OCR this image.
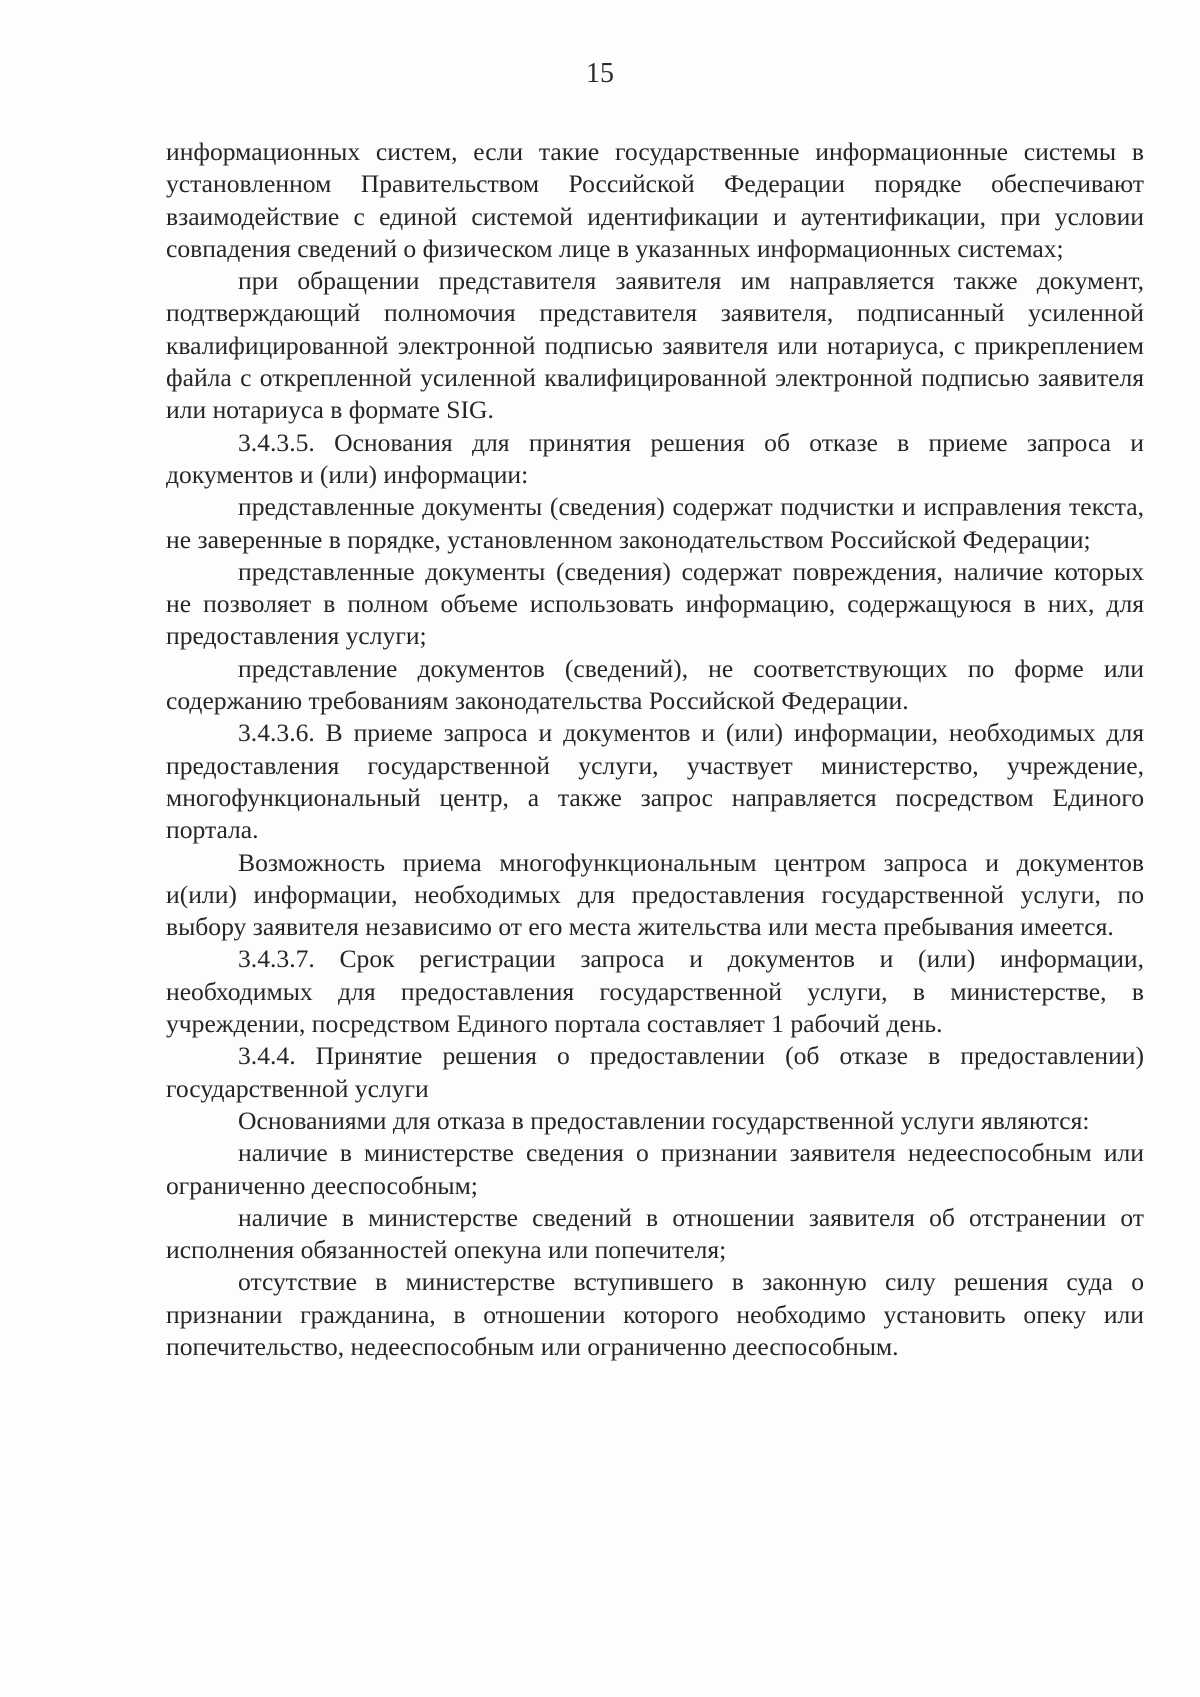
15

информационных систем, если такие государственные информационные системы в установленном Правительством Российской Федерации порядке обеспечивают взаимодействие с единой системой идентификации и аутентификации, при условии совпадения сведений о физическом лице в указанных информационных системах;

при обращении представителя заявителя им направляется также документ, подтверждающий полномочия представителя заявителя, подписанный усиленной квалифицированной электронной подписью заявителя или нотариуса, с прикреплением файла с открепленной усиленной квалифицированной электронной подписью заявителя или нотариуса в формате SIG.

3.4.3.5. Основания для принятия решения об отказе в приеме запроса и документов и (или) информации:

представленные документы (сведения) содержат подчистки и исправления текста, не заверенные в порядке, установленном законодательством Российской Федерации;

представленные документы (сведения) содержат повреждения, наличие которых не позволяет в полном объеме использовать информацию, содержащуюся в них, для предоставления услуги;

представление документов (сведений), не соответствующих по форме или содержанию требованиям законодательства Российской Федерации.

3.4.3.6. В приеме запроса и документов и (или) информации, необходимых для предоставления государственной услуги, участвует министерство, учреждение, многофункциональный центр, а также запрос направляется посредством Единого портала.

Возможность приема многофункциональным центром запроса и документов и(или) информации, необходимых для предоставления государственной услуги, по выбору заявителя независимо от его места жительства или места пребывания имеется.

3.4.3.7. Срок регистрации запроса и документов и (или) информации, необходимых для предоставления государственной услуги, в министерстве, в учреждении, посредством Единого портала составляет 1 рабочий день.

3.4.4. Принятие решения о предоставлении (об отказе в предоставлении) государственной услуги

Основаниями для отказа в предоставлении государственной услуги являются:

наличие в министерстве сведения о признании заявителя недееспособным или ограниченно дееспособным;

наличие в министерстве сведений в отношении заявителя об отстранении от исполнения обязанностей опекуна или попечителя;

отсутствие в министерстве вступившего в законную силу решения суда о признании гражданина, в отношении которого необходимо установить опеку или попечительство, недееспособным или ограниченно дееспособным.
